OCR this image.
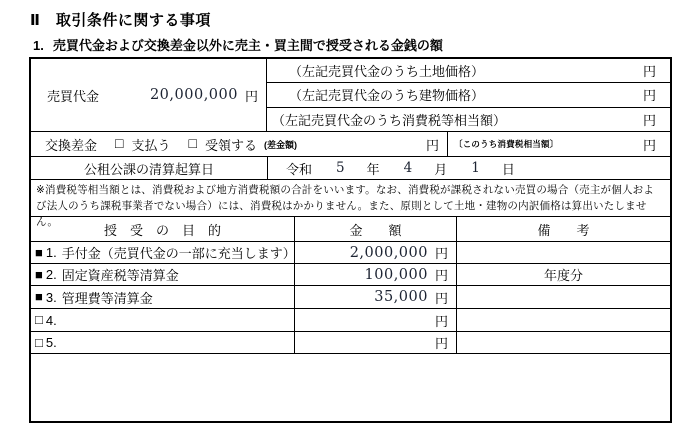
Ⅱ　取引条件に関する事項
1. 売買代金および交換差金以外に売主・買主間で授受される金銭の額
売買代金	20,000,000 円
（左記売買代金のうち土地価格）	円
（左記売買代金のうち建物価格）	円
（左記売買代金のうち消費税等相当額）	円
交換差金 □ 支払う □ 受領する (差金額)	円 〔このうち消費税相当額〕	円
公租公課の清算起算日	令和 5 年 4 月 1 日
※消費税等相当額とは、消費税および地方消費税額の合計をいいます。なお、消費税が課税されない売買の場合（売主が個人および法人のうち課税事業者でない場合）には、消費税はかかりません。また、原則として土地・建物の内訳価格は算出いたしません。
授　受　の　目　的	金　　額	備　　考
■ 1. 手付金（売買代金の一部に充当します）	2,000,000 円
■ 2. 固定資産税等清算金	100,000 円	年度分
■ 3. 管理費等清算金	35,000 円
□ 4.	円
□ 5.	円
